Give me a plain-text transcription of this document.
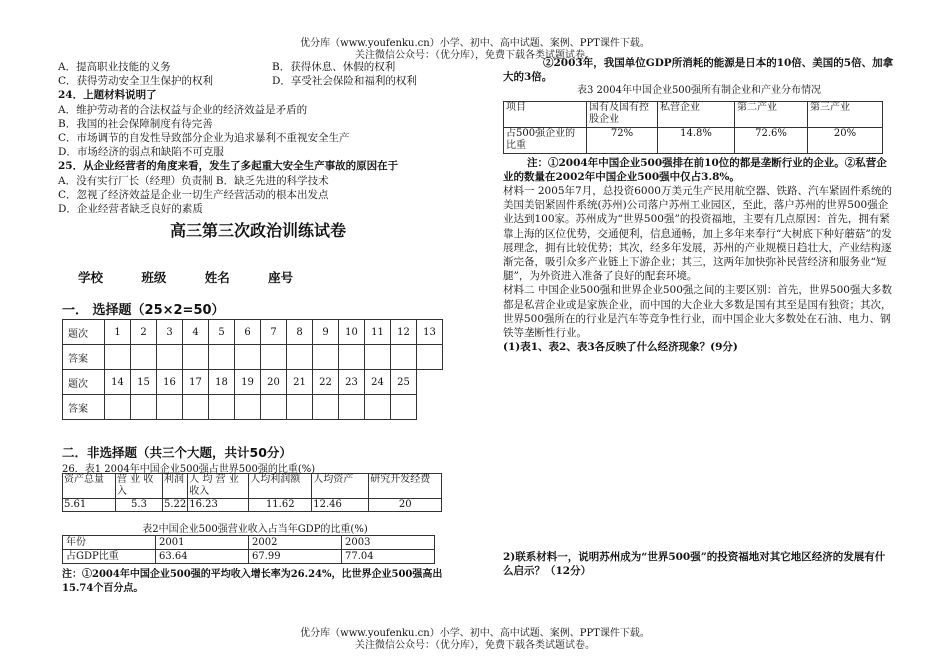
优分库（www.youfenku.cn）小学、初中、高中试题、案例、PPT课件下载。
关注微信公众号：（优分库），免费下载各类试题试卷。
A．提高职业技能的义务	B．获得休息、休假的权利
C．获得劳动安全卫生保护的权利	D．享受社会保险和福利的权利
24．上题材料说明了
A．维护劳动者的合法权益与企业的经济效益是矛盾的
B．我国的社会保障制度有待完善
C．市场调节的自发性导致部分企业为追求暴利不重视安全生产
D．市场经济的弱点和缺陷不可克服
25．从企业经营者的角度来看，发生了多起重大安全生产事故的原因在于
A．没有实行厂长（经理）负责制 B．缺乏先进的科学技术
C．忽视了经济效益是企业一切生产经营活动的根本出发点
D．企业经营者缺乏良好的素质
高三第三次政治训练试卷
学校	班级	姓名	座号
一． 选择题（25×2=50）
题次	1	2	3	4	5	6	7	8	9	10	11	12	13
答案													
题次	14	15	16	17	18	19	20	21	22	23	24	25	
答案													
二．非选择题（共三个大题，共计50分）
26．表1 2004年中国企业500强占世界500强的比重(%)
资产总量	营 业 收入	利润	人 均 营 业 收入	人均利润额	人均资产	研究开发经费
5.61	5.3	5.22	16.23	11.62	12.46	20
表2中国企业500强营业收入占当年GDP的比重(%)
年份	2001	2002	2003
占GDP比重	63.64	67.99	77.04
注：①2004年中国企业500强的平均收入增长率为26.24%，比世界企业500强高出15.74个百分点。
②2003年，我国单位GDP所消耗的能源是日本的10倍、美国的5倍、加拿大的3倍。
表3 2004年中国企业500强所有制企业和产业分布情况
项目	国有及国有控股企业	私营企业	第二产业	第三产业
占500强企业的比重	72%	14.8%	72.6%	20%
注：①2004年中国企业500强排在前10位的都是垄断行业的企业。②私营企业的数量在2002年中国企业500强中仅占3.8%。
材料一 2005年7月，总投资6000万美元生产民用航空器、铁路、汽车紧固件系统的美国美铝紧固件系统(苏州)公司落户苏州工业园区，至此，落户苏州的世界500强企业达到100家。苏州成为“世界500强”的投资福地，主要有几点原因：首先，拥有紧靠上海的区位优势，交通便利，信息通畅，加上多年来奉行“大树底下种好蘑菇”的发展理念，拥有比较优势；其次，经多年发展，苏州的产业规模日趋壮大，产业结构逐渐完备，吸引众多产业链上下游企业；其三，这两年加快弥补民营经济和服务业“短腿”，为外资进入准备了良好的配套环境。
材料二 中国企业500强和世界企业500强之间的主要区别：首先，世界500强大多数都是私营企业或是家族企业，而中国的大企业大多数是国有其至是国有独资；其次，世界500强所在的行业是汽车等竞争性行业，而中国企业大多数处在石油、电力、钢铁等垄断性行业。
(1)表1、表2、表3各反映了什么经济现象？(9分)
2)联系材料一，说明苏州成为“世界500强”的投资福地对其它地区经济的发展有什么启示？（12分）
优分库（www.youfenku.cn）小学、初中、高中试题、案例、PPT课件下载。
关注微信公众号：（优分库），免费下载各类试题试卷。
